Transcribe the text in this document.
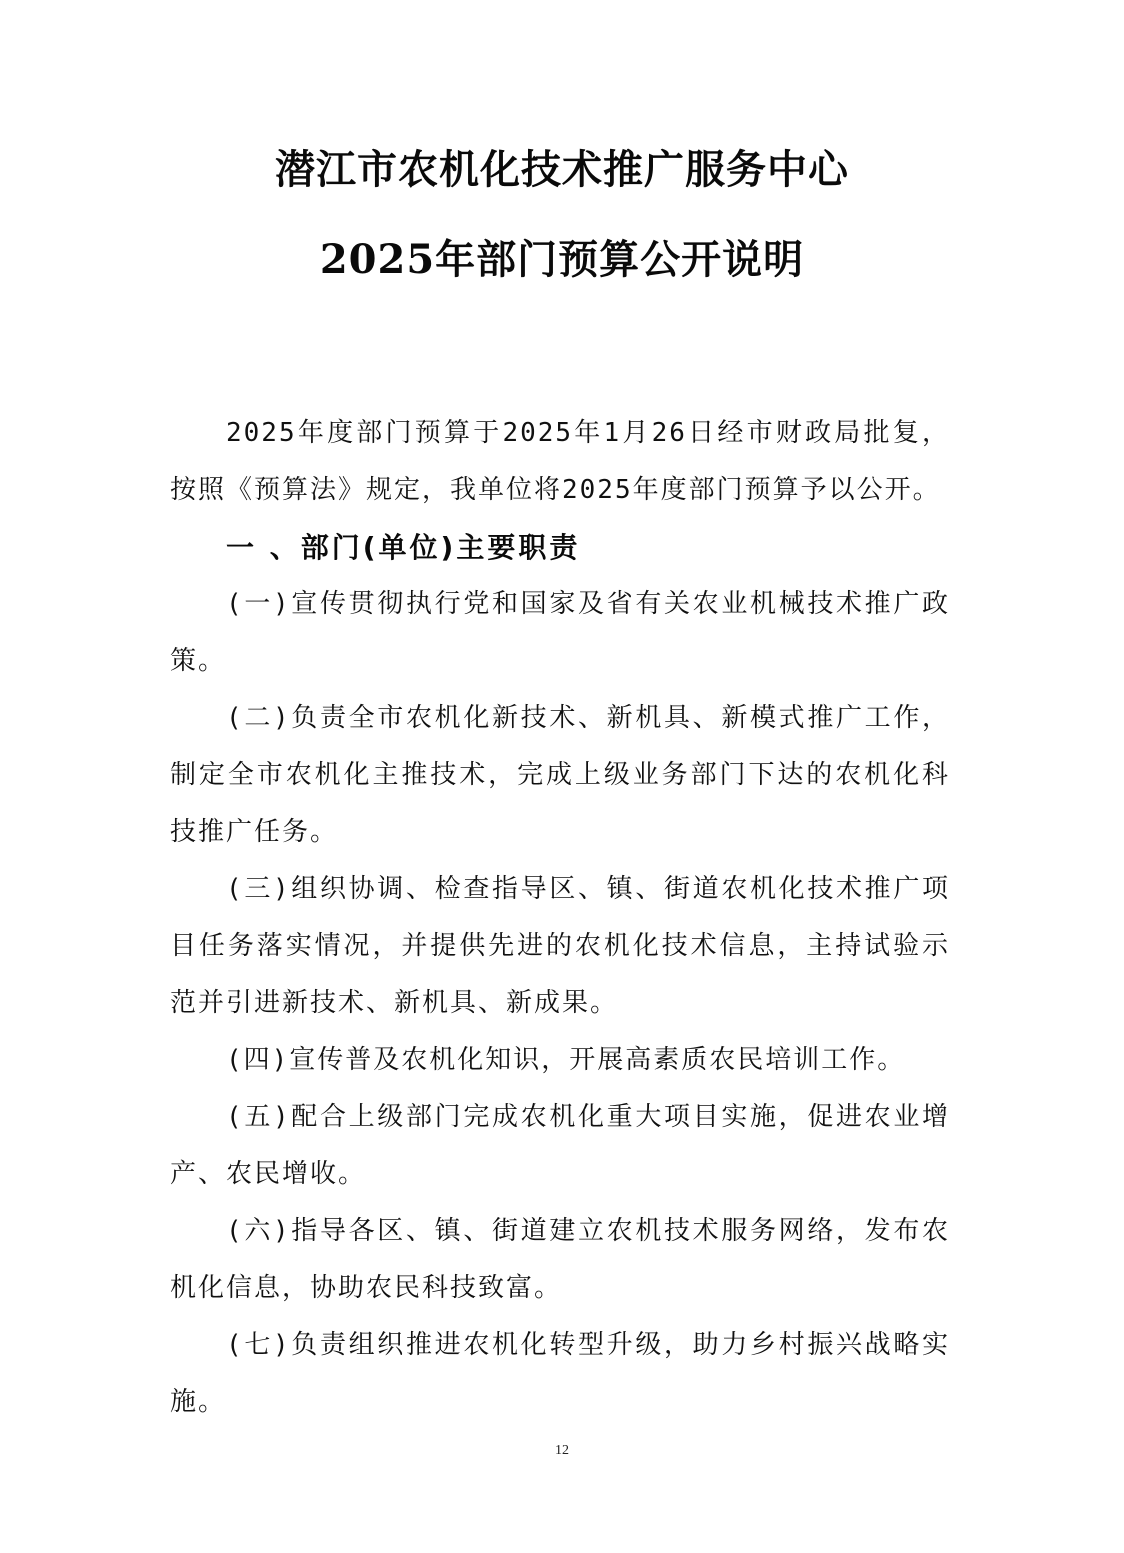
潜江市农机化技术推广服务中心
2025年部门预算公开说明

2025年度部门预算于2025年1月26日经市财政局批复，按照《预算法》规定，我单位将2025年度部门预算予以公开。

一 、部门(单位)主要职责

(一)宣传贯彻执行党和国家及省有关农业机械技术推广政策。

(二)负责全市农机化新技术、新机具、新模式推广工作，制定全市农机化主推技术，完成上级业务部门下达的农机化科技推广任务。

(三)组织协调、检查指导区、镇、街道农机化技术推广项目任务落实情况，并提供先进的农机化技术信息，主持试验示范并引进新技术、新机具、新成果。

(四)宣传普及农机化知识，开展高素质农民培训工作。

(五)配合上级部门完成农机化重大项目实施，促进农业增产、农民增收。

(六)指导各区、镇、街道建立农机技术服务网络，发布农机化信息，协助农民科技致富。

(七)负责组织推进农机化转型升级，助力乡村振兴战略实施。

12
